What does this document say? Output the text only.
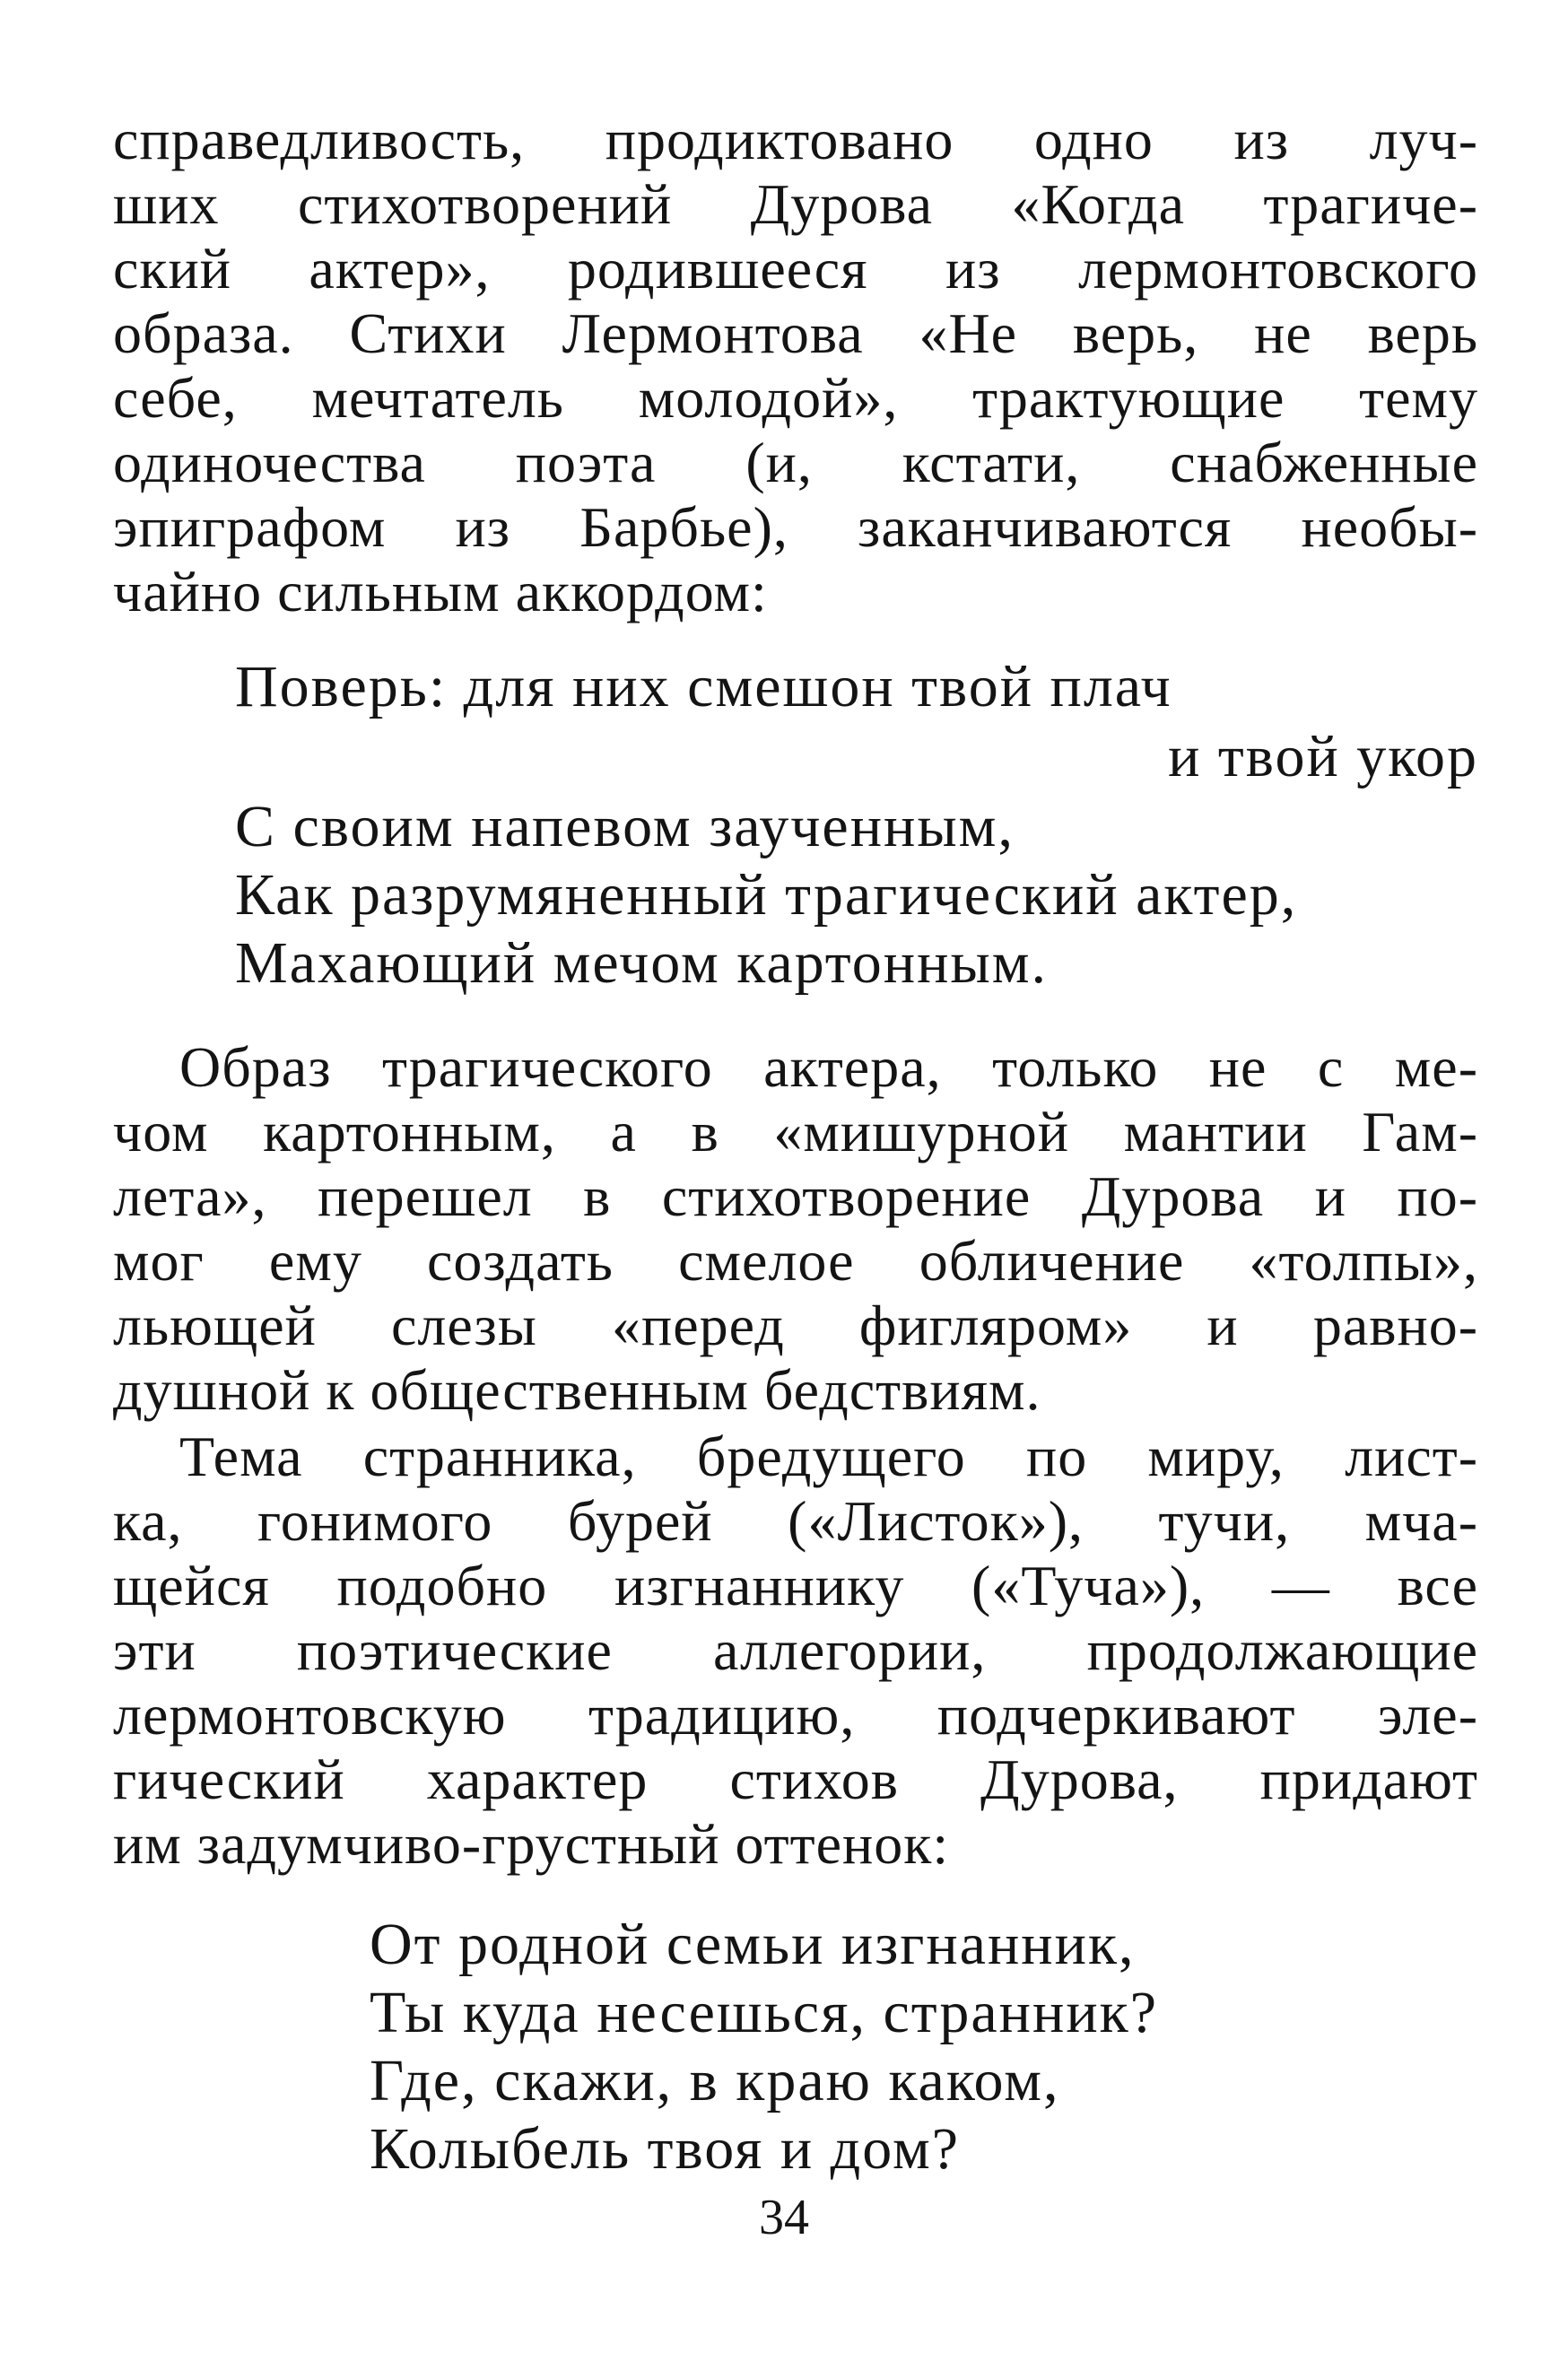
справедливость, продиктовано одно из луч-
ших стихотворений Дурова «Когда трагиче-
ский актер», родившееся из лермонтовского
образа. Стихи Лермонтова «Не верь, не верь
себе, мечтатель молодой», трактующие тему
одиночества поэта (и, кстати, снабженные
эпиграфом из Барбье), заканчиваются необы-
чайно сильным аккордом:
Поверь: для них смешон твой плач
и твой укор
С своим напевом заученным,
Как разрумяненный трагический актер,
Махающий мечом картонным.
Образ трагического актера, только не с ме-
чом картонным, а в «мишурной мантии Гам-
лета», перешел в стихотворение Дурова и по-
мог ему создать смелое обличение «толпы»,
льющей слезы «перед фигляром» и равно-
душной к общественным бедствиям.
Тема странника, бредущего по миру, лист-
ка, гонимого бурей («Листок»), тучи, мча-
щейся подобно изгнаннику («Туча»), — все
эти поэтические аллегории, продолжающие
лермонтовскую традицию, подчеркивают эле-
гический характер стихов Дурова, придают
им задумчиво-грустный оттенок:
От родной семьи изгнанник,
Ты куда несешься, странник?
Где, скажи, в краю каком,
Колыбель твоя и дом?
34
